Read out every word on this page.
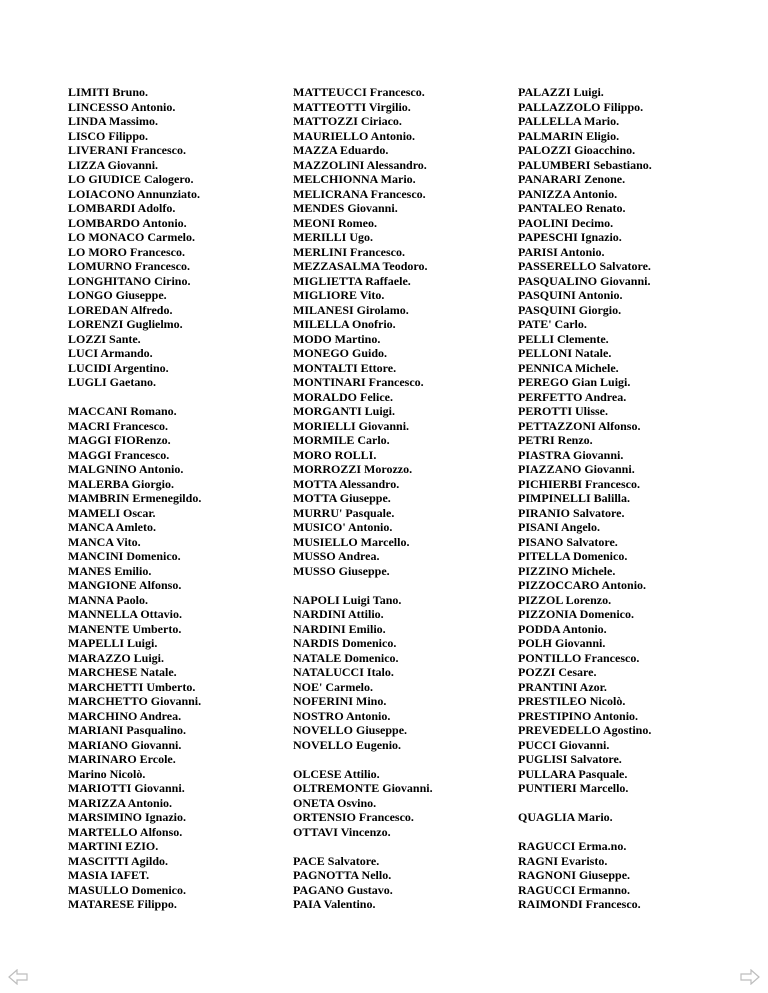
LIMITI Bruno.
LINCESSO Antonio.
LINDA Massimo.
LISCO Filippo.
LIVERANI Francesco.
LIZZA Giovanni.
LO GIUDICE Calogero.
LOIACONO Annunziato.
LOMBARDI Adolfo.
LOMBARDO Antonio.
LO MONACO Carmelo.
LO MORO Francesco.
LOMURNO Francesco.
LONGHITANO Cirino.
LONGO Giuseppe.
LOREDAN Alfredo.
LORENZI Guglielmo.
LOZZI Sante.
LUCI Armando.
LUCIDI Argentino.
LUGLI Gaetano.
MACCANI Romano.
MACRI Francesco.
MAGGI FIORenzo.
MAGGI Francesco.
MALGNINO Antonio.
MALERBA Giorgio.
MAMBRIN Ermenegildo.
MAMELI Oscar.
MANCA Amleto.
MANCA Vito.
MANCINI Domenico.
MANES Emilio.
MANGIONE Alfonso.
MANNA Paolo.
MANNELLA Ottavio.
MANENTE Umberto.
MAPELLI Luigi.
MARAZZO Luigi.
MARCHESE Natale.
MARCHETTI Umberto.
MARCHETTO Giovanni.
MARCHINO Andrea.
MARIANI Pasqualino.
MARIANO Giovanni.
MARINARO Ercole.
Marino Nicolò.
MARIOTTI Giovanni.
MARIZZA Antonio.
MARSIMINO Ignazio.
MARTELLO Alfonso.
MARTINI EZIO.
MASCITTI Agildo.
MASIA IAFET.
MASULLO Domenico.
MATARESE Filippo.
MATTEUCCI Francesco.
MATTEOTTI Virgilio.
MATTOZZI Ciriaco.
MAURIELLO Antonio.
MAZZA Eduardo.
MAZZOLINI Alessandro.
MELCHIONNA Mario.
MELICRANA Francesco.
MENDES Giovanni.
MEONI Romeo.
MERILLI Ugo.
MERLINI Francesco.
MEZZASALMA Teodoro.
MIGLIETTA Raffaele.
MIGLIORE Vito.
MILANESI Girolamo.
MILELLA Onofrio.
MODO Martino.
MONEGO Guido.
MONTALTI Ettore.
MONTINARI Francesco.
MORALDO Felice.
MORGANTI Luigi.
MORIELLI Giovanni.
MORMILE Carlo.
MORO ROLLI.
MORROZZI Morozzo.
MOTTA Alessandro.
MOTTA Giuseppe.
MURRU' Pasquale.
MUSICO' Antonio.
MUSIELLO Marcello.
MUSSO Andrea.
MUSSO Giuseppe.
NAPOLI Luigi Tano.
NARDINI Attilio.
NARDINI Emilio.
NARDIS Domenico.
NATALE Domenico.
NATALUCCI Italo.
NOE' Carmelo.
NOFERINI Mino.
NOSTRO Antonio.
NOVELLO Giuseppe.
NOVELLO Eugenio.
OLCESE Attilio.
OLTREMONTE Giovanni.
ONETA Osvino.
ORTENSIO Francesco.
OTTAVI Vincenzo.
PACE Salvatore.
PAGNOTTA Nello.
PAGANO Gustavo.
PAIA Valentino.
PALAZZI Luigi.
PALLAZZOLO Filippo.
PALLELLA Mario.
PALMARIN Eligio.
PALOZZI Gioacchino.
PALUMBERI Sebastiano.
PANARARI Zenone.
PANIZZA Antonio.
PANTALEO Renato.
PAOLINI Decimo.
PAPESCHI Ignazio.
PARISI Antonio.
PASSERELLO Salvatore.
PASQUALINO Giovanni.
PASQUINI Antonio.
PASQUINI Giorgio.
PATE' Carlo.
PELLI Clemente.
PELLONI Natale.
PENNICA Michele.
PEREGO Gian Luigi.
PERFETTO Andrea.
PEROTTI Ulisse.
PETTAZZONI Alfonso.
PETRI Renzo.
PIASTRA Giovanni.
PIAZZANO Giovanni.
PICHIERBI Francesco.
PIMPINELLI Balilla.
PIRANIO Salvatore.
PISANI Angelo.
PISANO Salvatore.
PITELLA Domenico.
PIZZINO Michele.
PIZZOCCARO Antonio.
PIZZOL Lorenzo.
PIZZONIA Domenico.
PODDA Antonio.
POLH Giovanni.
PONTILLO Francesco.
POZZI Cesare.
PRANTINI Azor.
PRESTILEO Nicolò.
PRESTIPINO Antonio.
PREVEDELLO Agostino.
PUCCI Giovanni.
PUGLISI Salvatore.
PULLARA Pasquale.
PUNTIERI Marcello.
QUAGLIA Mario.
RAGUCCI Erma.no.
RAGNI Evaristo.
RAGNONI Giuseppe.
RAGUCCI Ermanno.
RAIMONDI Francesco.
